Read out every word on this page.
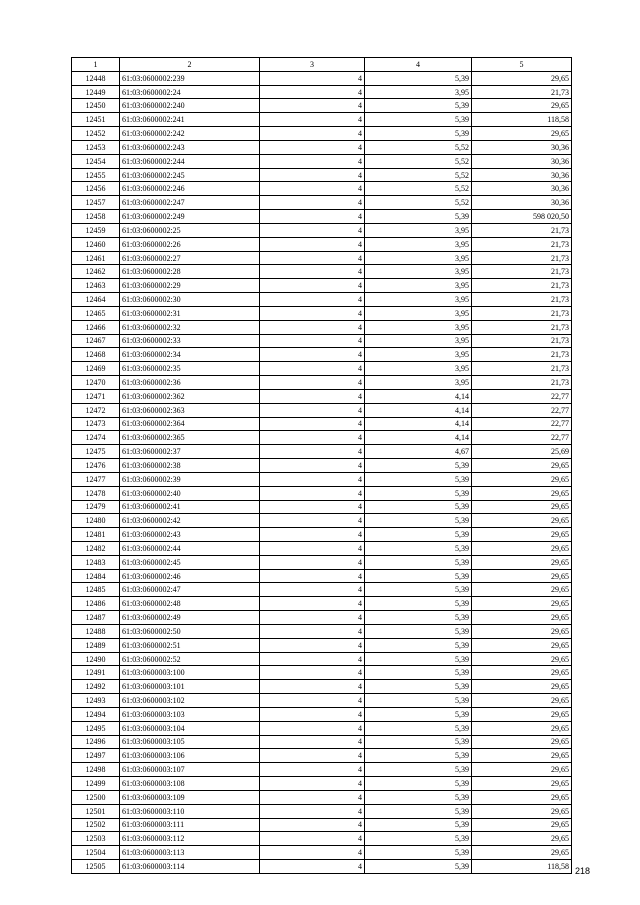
1	2	3	4	5
12448	61:03:0600002:239	4	5,39	29,65
12449	61:03:0600002:24	4	3,95	21,73
12450	61:03:0600002:240	4	5,39	29,65
12451	61:03:0600002:241	4	5,39	118,58
12452	61:03:0600002:242	4	5,39	29,65
12453	61:03:0600002:243	4	5,52	30,36
12454	61:03:0600002:244	4	5,52	30,36
12455	61:03:0600002:245	4	5,52	30,36
12456	61:03:0600002:246	4	5,52	30,36
12457	61:03:0600002:247	4	5,52	30,36
12458	61:03:0600002:249	4	5,39	598 020,50
12459	61:03:0600002:25	4	3,95	21,73
12460	61:03:0600002:26	4	3,95	21,73
12461	61:03:0600002:27	4	3,95	21,73
12462	61:03:0600002:28	4	3,95	21,73
12463	61:03:0600002:29	4	3,95	21,73
12464	61:03:0600002:30	4	3,95	21,73
12465	61:03:0600002:31	4	3,95	21,73
12466	61:03:0600002:32	4	3,95	21,73
12467	61:03:0600002:33	4	3,95	21,73
12468	61:03:0600002:34	4	3,95	21,73
12469	61:03:0600002:35	4	3,95	21,73
12470	61:03:0600002:36	4	3,95	21,73
12471	61:03:0600002:362	4	4,14	22,77
12472	61:03:0600002:363	4	4,14	22,77
12473	61:03:0600002:364	4	4,14	22,77
12474	61:03:0600002:365	4	4,14	22,77
12475	61:03:0600002:37	4	4,67	25,69
12476	61:03:0600002:38	4	5,39	29,65
12477	61:03:0600002:39	4	5,39	29,65
12478	61:03:0600002:40	4	5,39	29,65
12479	61:03:0600002:41	4	5,39	29,65
12480	61:03:0600002:42	4	5,39	29,65
12481	61:03:0600002:43	4	5,39	29,65
12482	61:03:0600002:44	4	5,39	29,65
12483	61:03:0600002:45	4	5,39	29,65
12484	61:03:0600002:46	4	5,39	29,65
12485	61:03:0600002:47	4	5,39	29,65
12486	61:03:0600002:48	4	5,39	29,65
12487	61:03:0600002:49	4	5,39	29,65
12488	61:03:0600002:50	4	5,39	29,65
12489	61:03:0600002:51	4	5,39	29,65
12490	61:03:0600002:52	4	5,39	29,65
12491	61:03:0600003:100	4	5,39	29,65
12492	61:03:0600003:101	4	5,39	29,65
12493	61:03:0600003:102	4	5,39	29,65
12494	61:03:0600003:103	4	5,39	29,65
12495	61:03:0600003:104	4	5,39	29,65
12496	61:03:0600003:105	4	5,39	29,65
12497	61:03:0600003:106	4	5,39	29,65
12498	61:03:0600003:107	4	5,39	29,65
12499	61:03:0600003:108	4	5,39	29,65
12500	61:03:0600003:109	4	5,39	29,65
12501	61:03:0600003:110	4	5,39	29,65
12502	61:03:0600003:111	4	5,39	29,65
12503	61:03:0600003:112	4	5,39	29,65
12504	61:03:0600003:113	4	5,39	29,65
12505	61:03:0600003:114	4	5,39	118,58 218
